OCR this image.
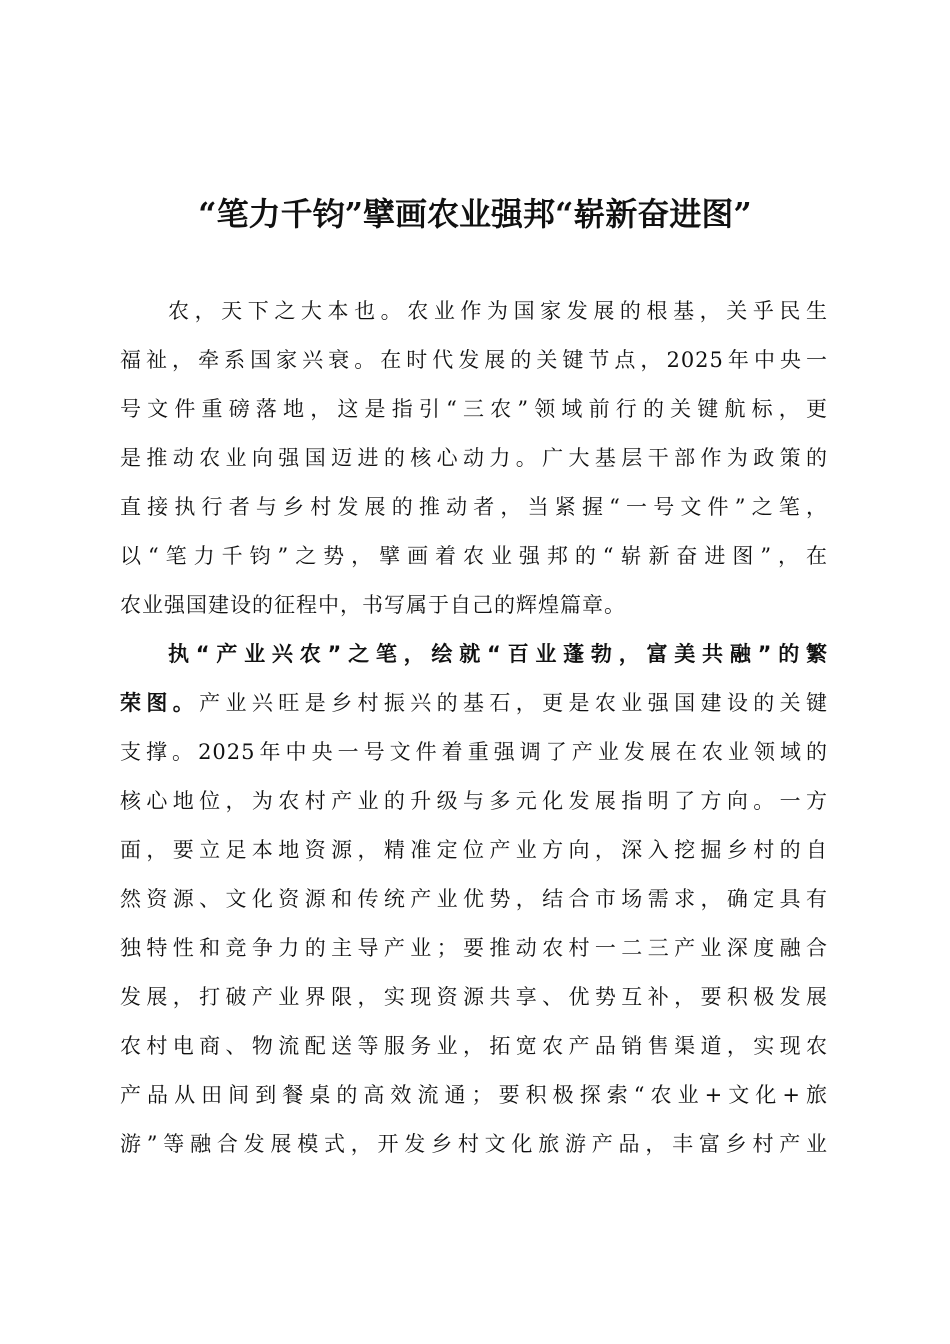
“笔力千钧”擘画农业强邦“崭新奋进图”
农，天下之大本也。农业作为国家发展的根基，关乎民生
福祉，牵系国家兴衰。在时代发展的关键节点，2025年中央一
号文件重磅落地，这是指引“三农”领域前行的关键航标，更
是推动农业向强国迈进的核心动力。广大基层干部作为政策的
直接执行者与乡村发展的推动者，当紧握“一号文件”之笔，
以“笔力千钧”之势，擘画着农业强邦的“崭新奋进图”，在
农业强国建设的征程中，书写属于自己的辉煌篇章。
执“产业兴农”之笔，绘就“百业蓬勃，富美共融”的繁
荣图。产业兴旺是乡村振兴的基石，更是农业强国建设的关键
支撑。2025年中央一号文件着重强调了产业发展在农业领域的
核心地位，为农村产业的升级与多元化发展指明了方向。一方
面，要立足本地资源，精准定位产业方向，深入挖掘乡村的自
然资源、文化资源和传统产业优势，结合市场需求，确定具有
独特性和竞争力的主导产业；要推动农村一二三产业深度融合
发展，打破产业界限，实现资源共享、优势互补，要积极发展
农村电商、物流配送等服务业，拓宽农产品销售渠道，实现农
产品从田间到餐桌的高效流通；要积极探索“农业+文化+旅
游”等融合发展模式，开发乡村文化旅游产品，丰富乡村产业
